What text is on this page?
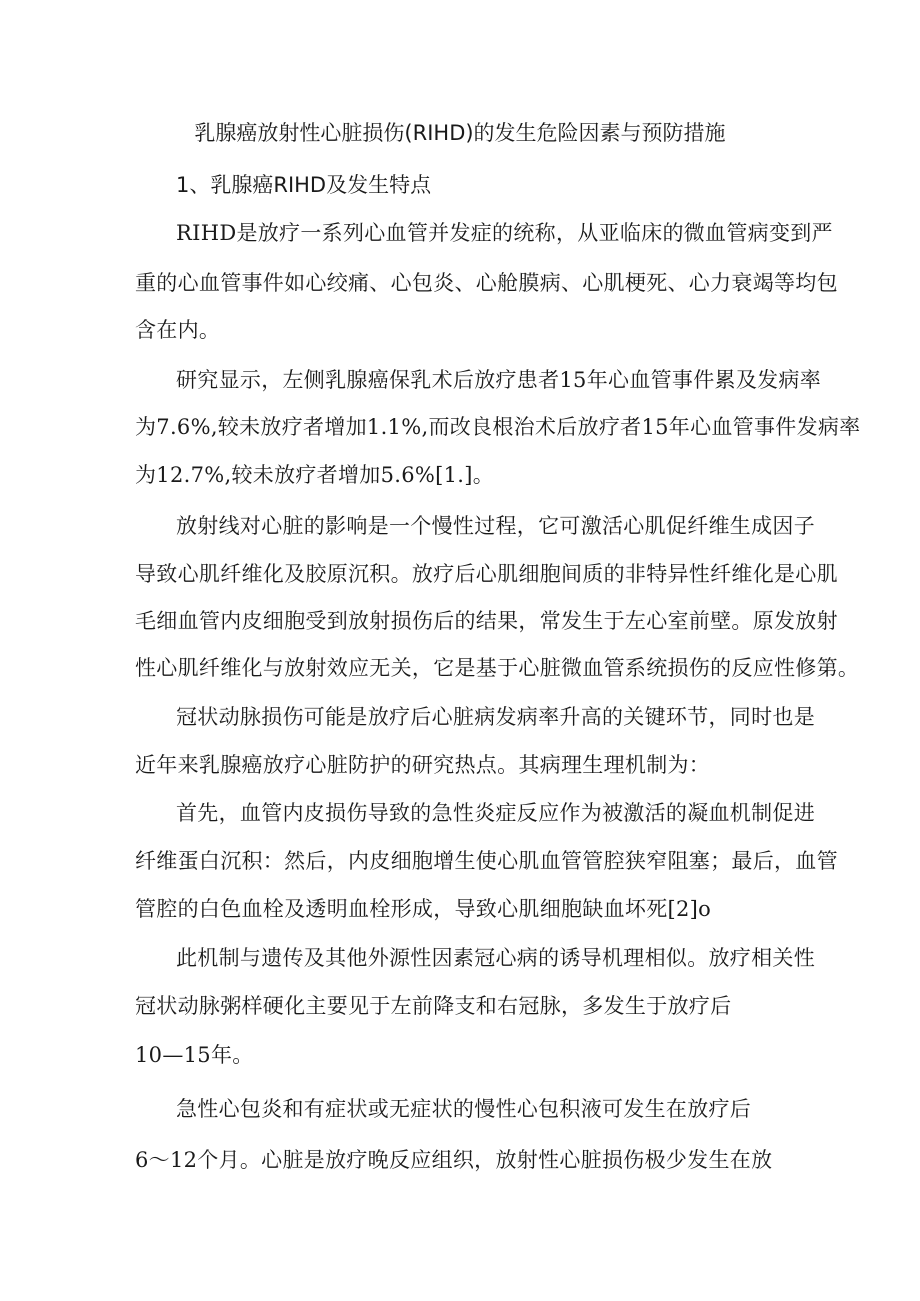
乳腺癌放射性心脏损伤(RIHD)的发生危险因素与预防措施
1、乳腺癌RIHD及发生特点
RIHD是放疗一系列心血管并发症的统称，从亚临床的微血管病变到严
重的心血管事件如心绞痛、心包炎、心舱膜病、心肌梗死、心力衰竭等均包
含在内。
研究显示，左侧乳腺癌保乳术后放疗患者15年心血管事件累及发病率
为7.6%,较未放疗者增加1.1%,而改良根治术后放疗者15年心血管事件发病率
为12.7%,较未放疗者增加5.6%[1.]。
放射线对心脏的影响是一个慢性过程，它可激活心肌促纤维生成因子
导致心肌纤维化及胶原沉积。放疗后心肌细胞间质的非特异性纤维化是心肌
毛细血管内皮细胞受到放射损伤后的结果，常发生于左心室前壁。原发放射
性心肌纤维化与放射效应无关，它是基于心脏微血管系统损伤的反应性修第。
冠状动脉损伤可能是放疗后心脏病发病率升高的关键环节，同时也是
近年来乳腺癌放疗心脏防护的研究热点。其病理生理机制为：
首先，血管内皮损伤导致的急性炎症反应作为被激活的凝血机制促进
纤维蛋白沉积：然后，内皮细胞增生使心肌血管管腔狭窄阻塞；最后，血管
管腔的白色血栓及透明血栓形成，导致心肌细胞缺血坏死[2]o
此机制与遗传及其他外源性因素冠心病的诱导机理相似。放疗相关性
冠状动脉粥样硬化主要见于左前降支和右冠脉，多发生于放疗后
10—15年。
急性心包炎和有症状或无症状的慢性心包积液可发生在放疗后
6～12个月。心脏是放疗晚反应组织，放射性心脏损伤极少发生在放
